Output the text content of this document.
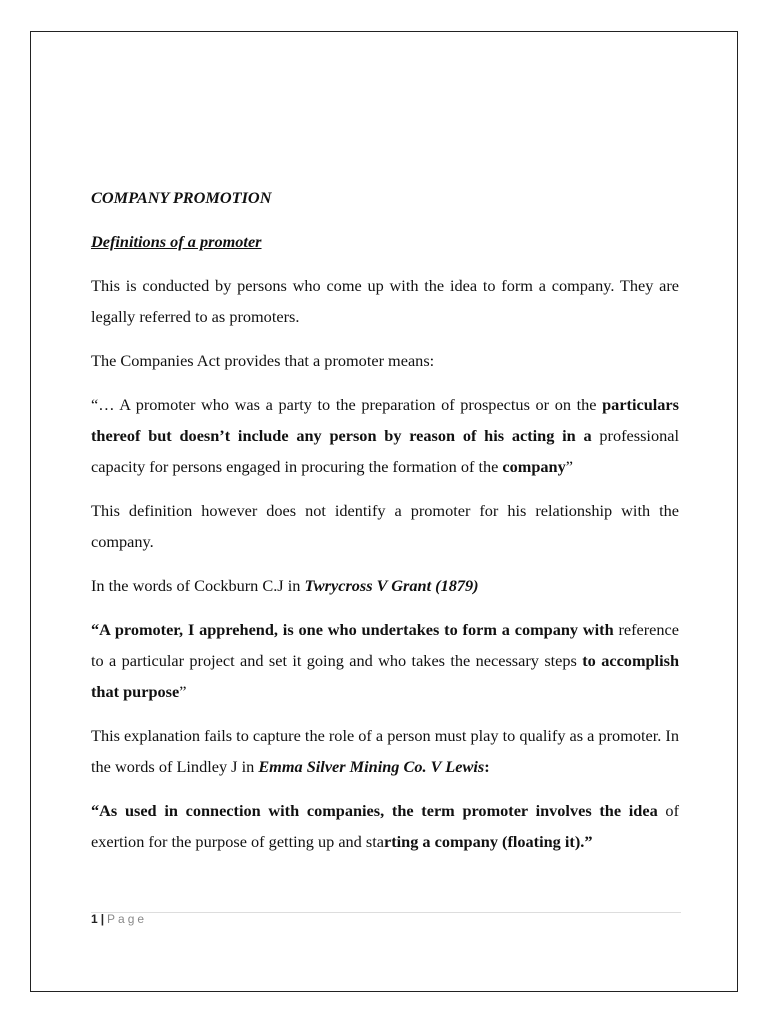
COMPANY PROMOTION

Definitions of a promoter

This is conducted by persons who come up with the idea to form a company. They are legally referred to as promoters.

The Companies Act provides that a promoter means:

“… A promoter who was a party to the preparation of prospectus or on the particulars thereof but doesn’t include any person by reason of his acting in a professional capacity for persons engaged in procuring the formation of the company”

This definition however does not identify a promoter for his relationship with the company.

In the words of Cockburn C.J in Twrycross V Grant (1879)

“A promoter, I apprehend, is one who undertakes to form a company with reference to a particular project and set it going and who takes the necessary steps to accomplish that purpose”

This explanation fails to capture the role of a person must play to qualify as a promoter. In the words of Lindley J in Emma Silver Mining Co. V Lewis:

“As used in connection with companies, the term promoter involves the idea of exertion for the purpose of getting up and starting a company (floating it).”

1 | Page
